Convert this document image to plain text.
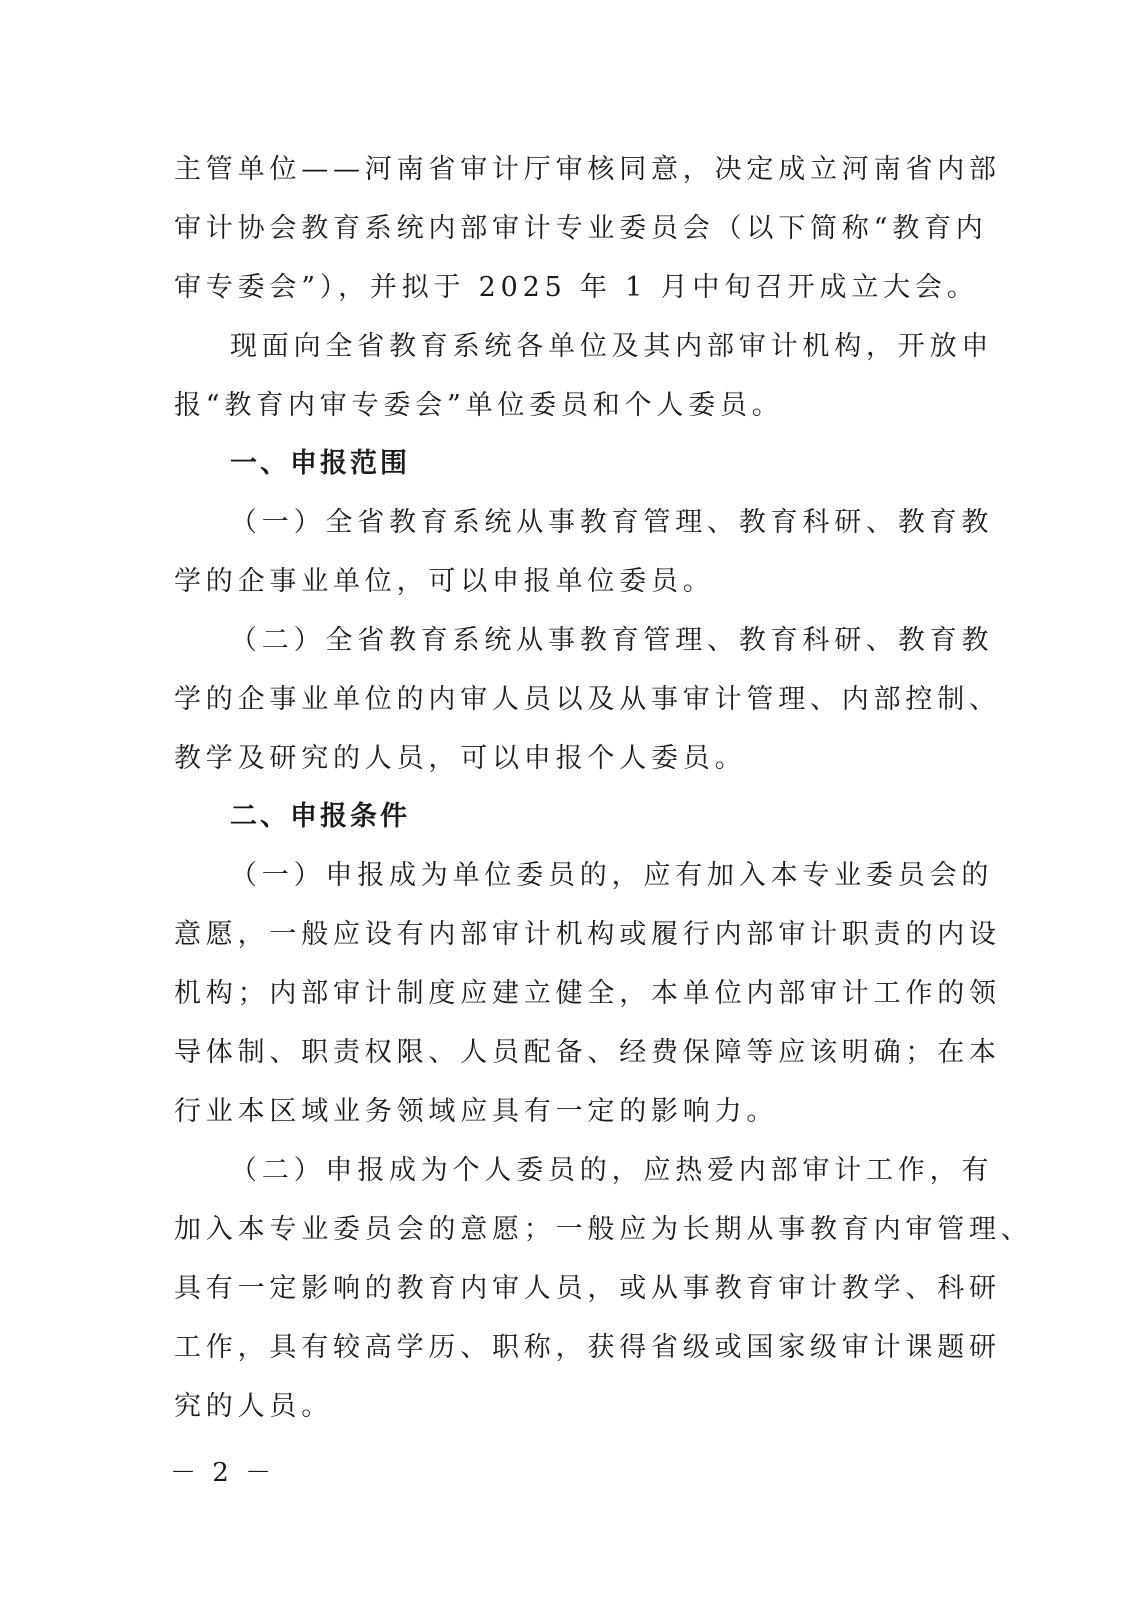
主管单位——河南省审计厅审核同意，决定成立河南省内部
审计协会教育系统内部审计专业委员会（以下简称“教育内
审专委会”），并拟于 2025 年 1 月中旬召开成立大会。
现面向全省教育系统各单位及其内部审计机构，开放申
报“教育内审专委会”单位委员和个人委员。
一、申报范围
（一）全省教育系统从事教育管理、教育科研、教育教
学的企事业单位，可以申报单位委员。
（二）全省教育系统从事教育管理、教育科研、教育教
学的企事业单位的内审人员以及从事审计管理、内部控制、
教学及研究的人员，可以申报个人委员。
二、申报条件
（一）申报成为单位委员的，应有加入本专业委员会的
意愿，一般应设有内部审计机构或履行内部审计职责的内设
机构；内部审计制度应建立健全，本单位内部审计工作的领
导体制、职责权限、人员配备、经费保障等应该明确；在本
行业本区域业务领域应具有一定的影响力。
（二）申报成为个人委员的，应热爱内部审计工作，有
加入本专业委员会的意愿；一般应为长期从事教育内审管理、
具有一定影响的教育内审人员，或从事教育审计教学、科研
工作，具有较高学历、职称，获得省级或国家级审计课题研
究的人员。
－ 2 －
